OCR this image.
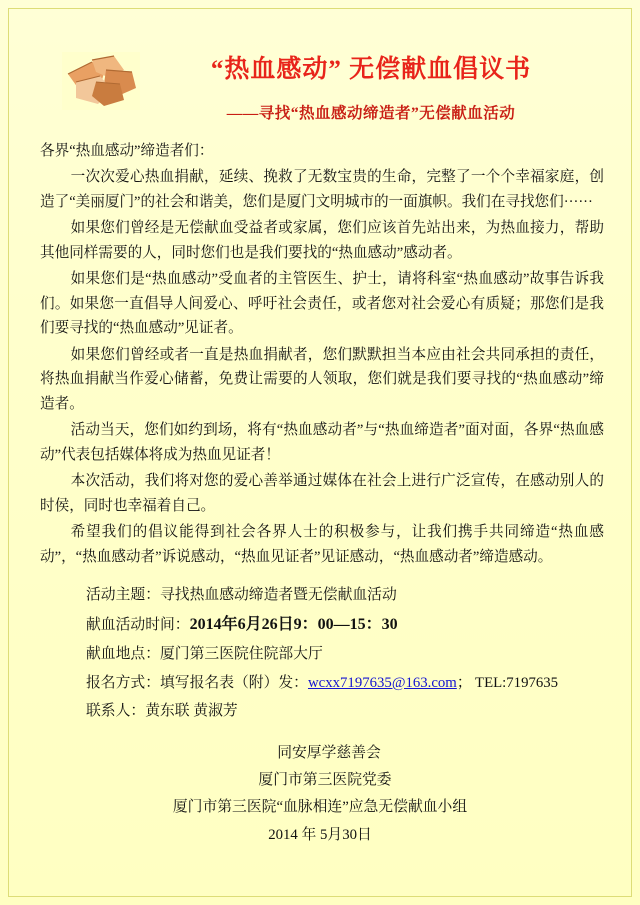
“热血感动” 无偿献血倡议书
——寻找“热血感动缔造者”无偿献血活动

各界“热血感动”缔造者们：

一次次爱心热血捐献，延续、挽救了无数宝贵的生命，完整了一个个幸福家庭，创造了“美丽厦门”的社会和谐美，您们是厦门文明城市的一面旗帜。我们在寻找您们······

如果您们曾经是无偿献血受益者或家属，您们应该首先站出来，为热血接力，帮助其他同样需要的人，同时您们也是我们要找的“热血感动”感动者。

如果您们是“热血感动”受血者的主管医生、护士，请将科室“热血感动”故事告诉我们。如果您一直倡导人间爱心、呼吁社会责任，或者您对社会爱心有质疑；那您们是我们要寻找的“热血感动”见证者。

如果您们曾经或者一直是热血捐献者，您们默默担当本应由社会共同承担的责任，将热血捐献当作爱心储蓄，免费让需要的人领取，您们就是我们要寻找的“热血感动”缔造者。

活动当天，您们如约到场，将有“热血感动者”与“热血缔造者”面对面，各界“热血感动”代表包括媒体将成为热血见证者！

本次活动，我们将对您的爱心善举通过媒体在社会上进行广泛宣传，在感动别人的时侯，同时也幸福着自己。

希望我们的倡议能得到社会各界人士的积极参与，让我们携手共同缔造“热血感动”，“热血感动者”诉说感动，“热血见证者”见证感动，“热血感动者”缔造感动。

活动主题：寻找热血感动缔造者暨无偿献血活动
献血活动时间：2014年6月26日9：00—15：30
献血地点：厦门第三医院住院部大厅
报名方式：填写报名表（附）发：wcxx7197635@163.com； TEL:7197635
联系人：黄东联 黄淑芳
同安厚学慈善会
厦门市第三医院党委
厦门市第三医院“血脉相连”应急无偿献血小组
2014 年 5月30日
